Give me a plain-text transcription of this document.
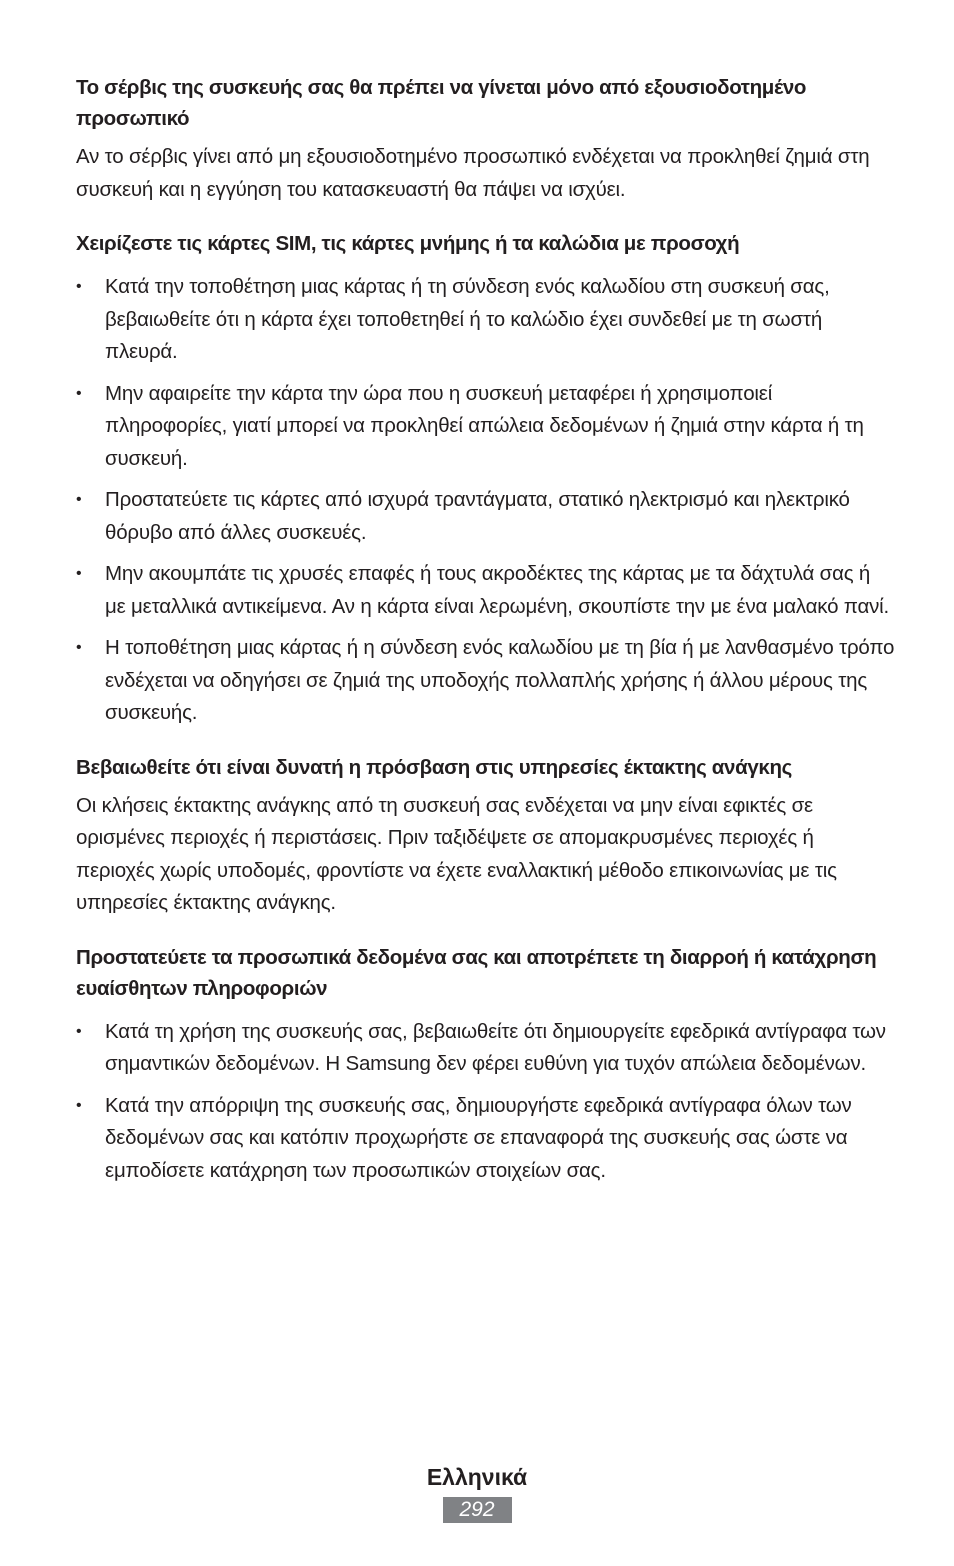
Το σέρβις της συσκευής σας θα πρέπει να γίνεται μόνο από εξουσιοδοτημένο προσωπικό

Αν το σέρβις γίνει από μη εξουσιοδοτημένο προσωπικό ενδέχεται να προκληθεί ζημιά στη συσκευή και η εγγύηση του κατασκευαστή θα πάψει να ισχύει.

Χειρίζεστε τις κάρτες SIM, τις κάρτες μνήμης ή τα καλώδια με προσοχή

• Κατά την τοποθέτηση μιας κάρτας ή τη σύνδεση ενός καλωδίου στη συσκευή σας, βεβαιωθείτε ότι η κάρτα έχει τοποθετηθεί ή το καλώδιο έχει συνδεθεί με τη σωστή πλευρά.
• Μην αφαιρείτε την κάρτα την ώρα που η συσκευή μεταφέρει ή χρησιμοποιεί πληροφορίες, γιατί μπορεί να προκληθεί απώλεια δεδομένων ή ζημιά στην κάρτα ή τη συσκευή.
• Προστατεύετε τις κάρτες από ισχυρά τραντάγματα, στατικό ηλεκτρισμό και ηλεκτρικό θόρυβο από άλλες συσκευές.
• Μην ακουμπάτε τις χρυσές επαφές ή τους ακροδέκτες της κάρτας με τα δάχτυλά σας ή με μεταλλικά αντικείμενα. Αν η κάρτα είναι λερωμένη, σκουπίστε την με ένα μαλακό πανί.
• Η τοποθέτηση μιας κάρτας ή η σύνδεση ενός καλωδίου με τη βία ή με λανθασμένο τρόπο ενδέχεται να οδηγήσει σε ζημιά της υποδοχής πολλαπλής χρήσης ή άλλου μέρους της συσκευής.

Βεβαιωθείτε ότι είναι δυνατή η πρόσβαση στις υπηρεσίες έκτακτης ανάγκης

Οι κλήσεις έκτακτης ανάγκης από τη συσκευή σας ενδέχεται να μην είναι εφικτές σε ορισμένες περιοχές ή περιστάσεις. Πριν ταξιδέψετε σε απομακρυσμένες περιοχές ή περιοχές χωρίς υποδομές, φροντίστε να έχετε εναλλακτική μέθοδο επικοινωνίας με τις υπηρεσίες έκτακτης ανάγκης.

Προστατεύετε τα προσωπικά δεδομένα σας και αποτρέπετε τη διαρροή ή κατάχρηση ευαίσθητων πληροφοριών

• Κατά τη χρήση της συσκευής σας, βεβαιωθείτε ότι δημιουργείτε εφεδρικά αντίγραφα των σημαντικών δεδομένων. Η Samsung δεν φέρει ευθύνη για τυχόν απώλεια δεδομένων.
• Κατά την απόρριψη της συσκευής σας, δημιουργήστε εφεδρικά αντίγραφα όλων των δεδομένων σας και κατόπιν προχωρήστε σε επαναφορά της συσκευής σας ώστε να εμποδίσετε κατάχρηση των προσωπικών στοιχείων σας.
Ελληνικά
292
